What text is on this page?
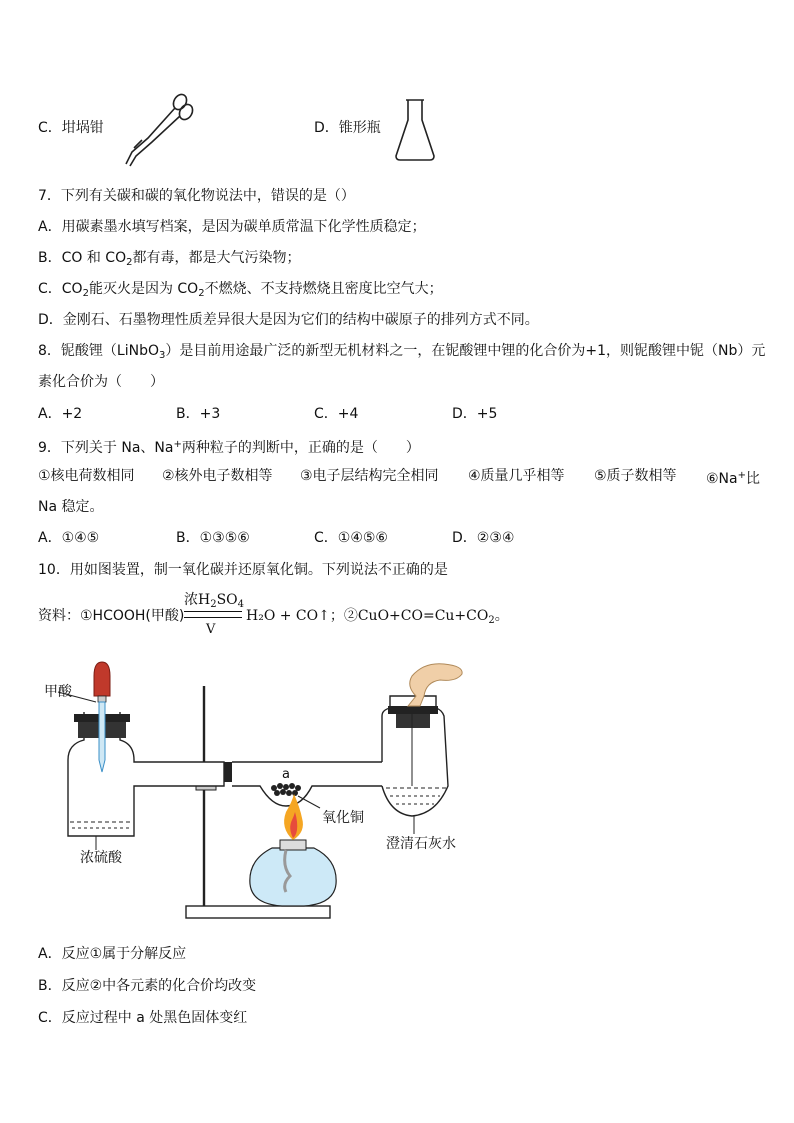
C．坩埚钳	D．锥形瓶
7．下列有关碳和碳的氧化物说法中，错误的是（）
A．用碳素墨水填写档案，是因为碳单质常温下化学性质稳定；
B．CO 和 $CO_2$都有毒，都是大气污染物；
C．$CO_2$能灭火是因为 $CO_2$不燃烧、不支持燃烧且密度比空气大；
D．金刚石、石墨物理性质差异很大是因为它们的结构中碳原子的排列方式不同。
8．铌酸锂（LiNbO$_3$）是目前用途最广泛的新型无机材料之一，在铌酸锂中锂的化合价为+1，则铌酸锂中铌（Nb）元
素化合价为（　　）
A．+2	B．+3	C．+4	D．+5
9．下列关于 Na、Na+两种粒子的判断中，正确的是（　　）
①核电荷数相同 ②核外电子数相等 ③电子层结构完全相同 ④质量几乎相等 ⑤质子数相等 ⑥Na+比
Na 稳定。
A．①④⑤	B．①③⑤⑥	C．①④⑤⑥	D．②③④
10．用如图装置，制一氧化碳并还原氧化铜。下列说法不正确的是
资料：①HCOOH(甲酸)
浓$H_2SO_4$
V
H₂O + CO↑；$②CuO+CO=Cu+CO_2$。
甲酸
浓硫酸
a
氧化铜
澄清石灰水
A．反应①属于分解反应
B．反应②中各元素的化合价均改变
C．反应过程中 a 处黑色固体变红
